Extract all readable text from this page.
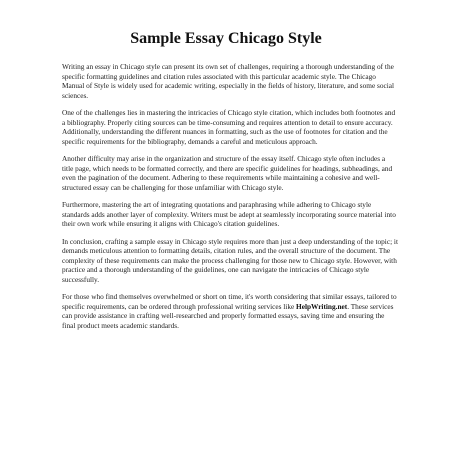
Sample Essay Chicago Style

Writing an essay in Chicago style can present its own set of challenges, requiring a thorough understanding of the specific formatting guidelines and citation rules associated with this particular academic style. The Chicago Manual of Style is widely used for academic writing, especially in the fields of history, literature, and some social sciences.

One of the challenges lies in mastering the intricacies of Chicago style citation, which includes both footnotes and a bibliography. Properly citing sources can be time-consuming and requires attention to detail to ensure accuracy. Additionally, understanding the different nuances in formatting, such as the use of footnotes for citation and the specific requirements for the bibliography, demands a careful and meticulous approach.

Another difficulty may arise in the organization and structure of the essay itself. Chicago style often includes a title page, which needs to be formatted correctly, and there are specific guidelines for headings, subheadings, and even the pagination of the document. Adhering to these requirements while maintaining a cohesive and well-structured essay can be challenging for those unfamiliar with Chicago style.

Furthermore, mastering the art of integrating quotations and paraphrasing while adhering to Chicago style standards adds another layer of complexity. Writers must be adept at seamlessly incorporating source material into their own work while ensuring it aligns with Chicago's citation guidelines.

In conclusion, crafting a sample essay in Chicago style requires more than just a deep understanding of the topic; it demands meticulous attention to formatting details, citation rules, and the overall structure of the document. The complexity of these requirements can make the process challenging for those new to Chicago style. However, with practice and a thorough understanding of the guidelines, one can navigate the intricacies of Chicago style successfully.

For those who find themselves overwhelmed or short on time, it's worth considering that similar essays, tailored to specific requirements, can be ordered through professional writing services like HelpWriting.net. These services can provide assistance in crafting well-researched and properly formatted essays, saving time and ensuring the final product meets academic standards.
